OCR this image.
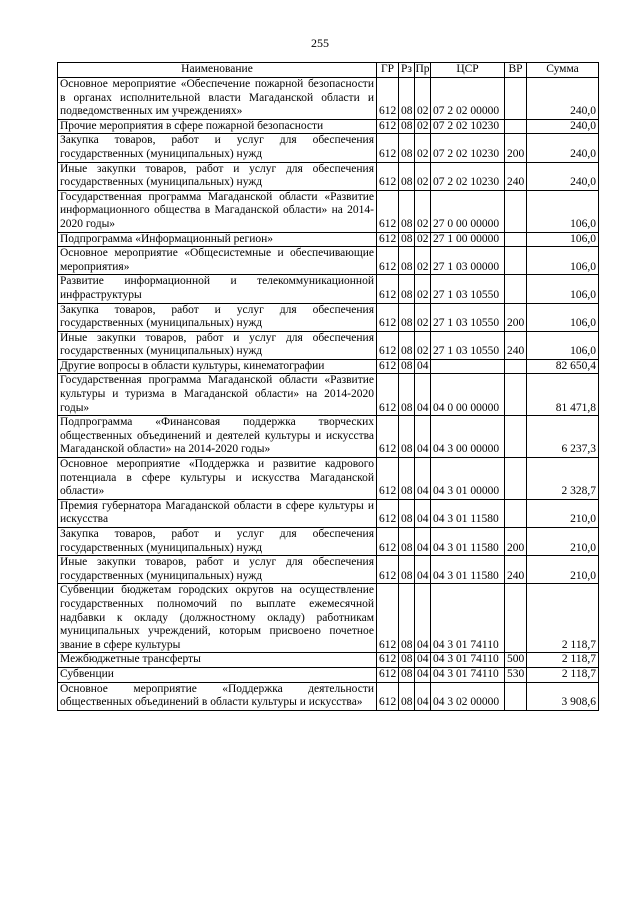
255
Наименование	ГР	Рз	Пр	ЦСР	ВР	Сумма
Основное мероприятие «Обеспечение пожарной безопасности в органах исполнительной власти Магаданской области и подведомственных им учреждениях»	612	08	02	07 2 02 00000		240,0
Прочие мероприятия в сфере пожарной безопасности	612	08	02	07 2 02 10230		240,0
Закупка товаров, работ и услуг для обеспечения государственных (муниципальных) нужд	612	08	02	07 2 02 10230	200	240,0
Иные закупки товаров, работ и услуг для обеспечения государственных (муниципальных) нужд	612	08	02	07 2 02 10230	240	240,0
Государственная программа Магаданской области «Развитие информационного общества в Магаданской области» на 2014-2020 годы»	612	08	02	27 0 00 00000		106,0
Подпрограмма «Информационный регион»	612	08	02	27 1 00 00000		106,0
Основное мероприятие «Общесистемные и обеспечивающие мероприятия»	612	08	02	27 1 03 00000		106,0
Развитие информационной и телекоммуникационной инфраструктуры	612	08	02	27 1 03 10550		106,0
Закупка товаров, работ и услуг для обеспечения государственных (муниципальных) нужд	612	08	02	27 1 03 10550	200	106,0
Иные закупки товаров, работ и услуг для обеспечения государственных (муниципальных) нужд	612	08	02	27 1 03 10550	240	106,0
Другие вопросы в области культуры, кинематографии	612	08	04			82 650,4
Государственная программа Магаданской области «Развитие культуры и туризма в Магаданской области» на 2014-2020 годы»	612	08	04	04 0 00 00000		81 471,8
Подпрограмма «Финансовая поддержка творческих общественных объединений и деятелей культуры и искусства Магаданской области» на 2014-2020 годы»	612	08	04	04 3 00 00000		6 237,3
Основное мероприятие «Поддержка и развитие кадрового потенциала в сфере культуры и искусства Магаданской области»	612	08	04	04 3 01 00000		2 328,7
Премия губернатора Магаданской области в сфере культуры и искусства	612	08	04	04 3 01 11580		210,0
Закупка товаров, работ и услуг для обеспечения государственных (муниципальных) нужд	612	08	04	04 3 01 11580	200	210,0
Иные закупки товаров, работ и услуг для обеспечения государственных (муниципальных) нужд	612	08	04	04 3 01 11580	240	210,0
Субвенции бюджетам городских округов на осуществление государственных полномочий по выплате ежемесячной надбавки к окладу (должностному окладу) работникам муниципальных учреждений, которым присвоено почетное звание в сфере культуры	612	08	04	04 3 01 74110		2 118,7
Межбюджетные трансферты	612	08	04	04 3 01 74110	500	2 118,7
Субвенции	612	08	04	04 3 01 74110	530	2 118,7
Основное мероприятие «Поддержка деятельности общественных объединений в области культуры и искусства»	612	08	04	04 3 02 00000		3 908,6
